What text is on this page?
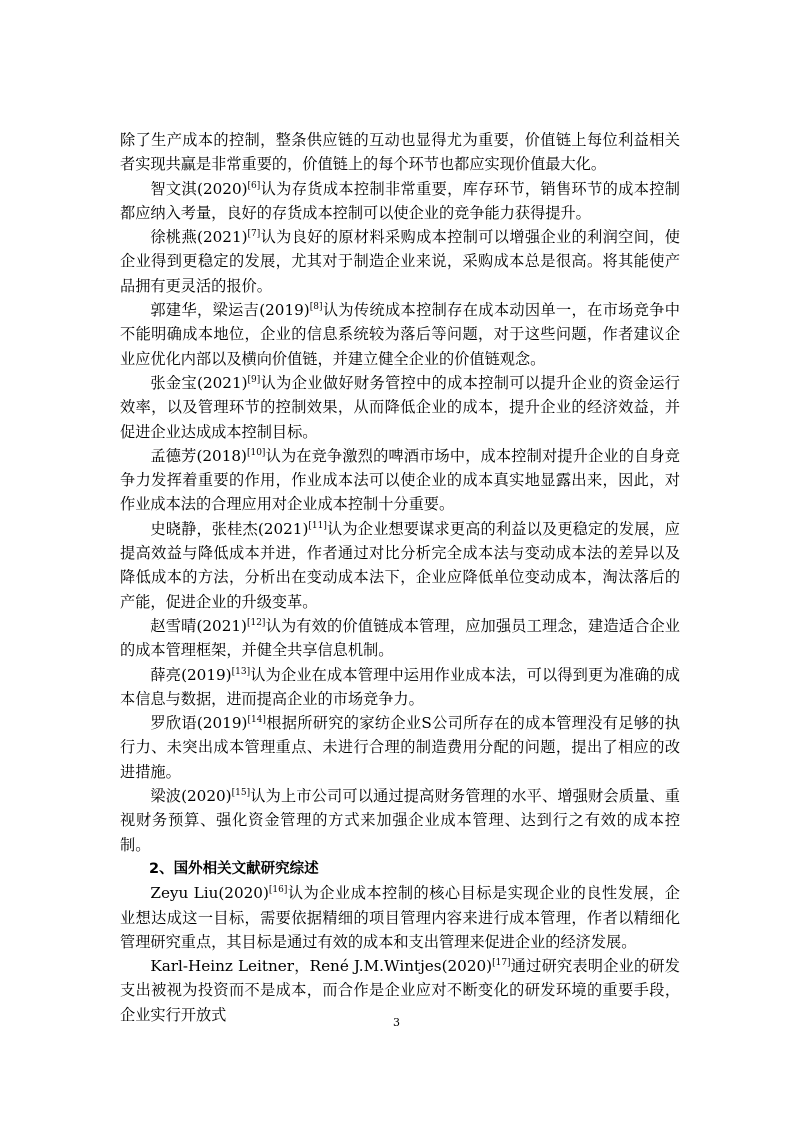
除了生产成本的控制，整条供应链的互动也显得尤为重要，价值链上每位利益相关者实现共赢是非常重要的，价值链上的每个环节也都应实现价值最大化。

智文淇(2020)[6]认为存货成本控制非常重要，库存环节，销售环节的成本控制都应纳入考量，良好的存货成本控制可以使企业的竞争能力获得提升。

徐桃燕(2021)[7]认为良好的原材料采购成本控制可以增强企业的利润空间，使企业得到更稳定的发展，尤其对于制造企业来说，采购成本总是很高。将其能使产品拥有更灵活的报价。

郭建华，梁运吉(2019)[8]认为传统成本控制存在成本动因单一，在市场竞争中不能明确成本地位，企业的信息系统较为落后等问题，对于这些问题，作者建议企业应优化内部以及横向价值链，并建立健全企业的价值链观念。

张金宝(2021)[9]认为企业做好财务管控中的成本控制可以提升企业的资金运行效率，以及管理环节的控制效果，从而降低企业的成本，提升企业的经济效益，并促进企业达成成本控制目标。

孟德芳(2018)[10]认为在竞争激烈的啤酒市场中，成本控制对提升企业的自身竞争力发挥着重要的作用，作业成本法可以使企业的成本真实地显露出来，因此，对作业成本法的合理应用对企业成本控制十分重要。

史晓静，张桂杰(2021)[11]认为企业想要谋求更高的利益以及更稳定的发展，应提高效益与降低成本并进，作者通过对比分析完全成本法与变动成本法的差异以及降低成本的方法，分析出在变动成本法下，企业应降低单位变动成本，淘汰落后的产能，促进企业的升级变革。

赵雪晴(2021)[12]认为有效的价值链成本管理，应加强员工理念，建造适合企业的成本管理框架，并健全共享信息机制。

薛亮(2019)[13]认为企业在成本管理中运用作业成本法，可以得到更为准确的成本信息与数据，进而提高企业的市场竞争力。

罗欣语(2019)[14]根据所研究的家纺企业S公司所存在的成本管理没有足够的执行力、未突出成本管理重点、未进行合理的制造费用分配的问题，提出了相应的改进措施。

梁波(2020)[15]认为上市公司可以通过提高财务管理的水平、增强财会质量、重视财务预算、强化资金管理的方式来加强企业成本管理、达到行之有效的成本控制。

2、国外相关文献研究综述

Zeyu Liu(2020)[16]认为企业成本控制的核心目标是实现企业的良性发展，企业想达成这一目标，需要依据精细的项目管理内容来进行成本管理，作者以精细化管理研究重点，其目标是通过有效的成本和支出管理来促进企业的经济发展。

Karl-Heinz Leitner，René J.M.Wintjes(2020)[17]通过研究表明企业的研发支出被视为投资而不是成本，而合作是企业应对不断变化的研发环境的重要手段，企业实行开放式	3
